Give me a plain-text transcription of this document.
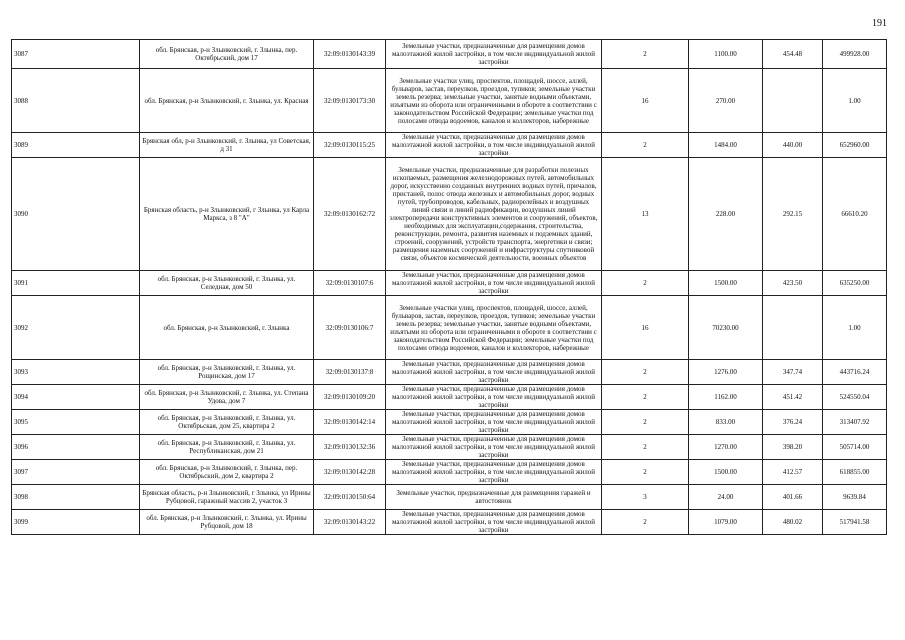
191
3087	обл. Брянская, р-н Злынковский, г. Злынка, пер. Октябрьский, дом 17	32:09:0130143:39	Земельные участки, предназначенные для размещения домов малоэтажной жилой застройки, в том числе индивидуальной жилой застройки	2	1100.00	454.48	499928.00
3088	обл. Брянская, р-н Злынковский, г. Злынка, ул. Красная	32:09:0130173:30	Земельные участки улиц, проспектов, площадей, шоссе, аллей, бульваров, застав, переулков, проездов, тупиков; земельные участки земель резерва; земельные участки, занятые водными объектами, изъятыми из оборота или ограниченными в обороте в соответствии с законодательством Российской Федерации; земельные участки под полосами отвода водоемов, каналов и коллекторов, набережные	16	270.00		1.00
3089	Брянская обл, р-н Злынковский, г. Злынка, ул Советская, д 31	32:09:0130115:25	Земельные участки, предназначенные для размещения домов малоэтажной жилой застройки, в том числе индивидуальной жилой застройки	2	1484.00	440.00	652960.00
3090	Брянская область, р-н Злынковский, г Злынка, ул Карла Маркса, з 8 "А"	32:09:0130162:72	Земельные участки, предназначенные для разработки полезных ископаемых, размещения железнодорожных путей, автомобильных дорог, искусственно созданных внутренних водных путей, причалов, пристаней, полос отвода железных и автомобильных дорог, водных путей, трубопроводов, кабельных, радиорелейных и воздушных линий связи и линий радиофикации, воздушных линий электропередачи конструктивных элементов и сооружений, объектов, необходимых для эксплуатации,содержания, строительства, реконструкции, ремонта, развития наземных и подземных зданий, строений, сооружений, устройств транспорта, энергетики и связи; размещения наземных сооружений и инфраструктуры спутниковой связи, объектов космической деятельности, военных объектов	13	228.00	292.15	66610.20
3091	обл. Брянская, р-н Злынковский, г. Злынка, ул. Селедная, дом 50	32:09:0130107:6	Земельные участки, предназначенные для размещения домов малоэтажной жилой застройки, в том числе индивидуальной жилой застройки	2	1500.00	423.50	635250.00
3092	обл. Брянская, р-н Злынковский, г. Злынка	32:09:0130106:7	Земельные участки улиц, проспектов, площадей, шоссе, аллей, бульваров, застав, переулков, проездов, тупиков; земельные участки земель резерва; земельные участки, занятые водными объектами, изъятыми из оборота или ограниченными в обороте в соответствии с законодательством Российской Федерации; земельные участки под полосами отвода водоемов, каналов и коллекторов, набережные	16	70230.00		1.00
3093	обл. Брянская, р-н Злынковский, г. Злынка, ул. Рощинская, дом 17	32:09:0130137:8	Земельные участки, предназначенные для размещения домов малоэтажной жилой застройки, в том числе индивидуальной жилой застройки	2	1276.00	347.74	443716.24
3094	обл. Брянская, р-н Злынковский, г. Злынка, ул. Степана Удова, дом 7	32:09:0130109:20	Земельные участки, предназначенные для размещения домов малоэтажной жилой застройки, в том числе индивидуальной жилой застройки	2	1162.00	451.42	524550.04
3095	обл. Брянская, р-н Злынковский, г. Злынка, ул. Октябрьская, дом 25, квартира 2	32:09:0130142:14	Земельные участки, предназначенные для размещения домов малоэтажной жилой застройки, в том числе индивидуальной жилой застройки	2	833.00	376.24	313407.92
3096	обл. Брянская, р-н Злынковский, г. Злынка, ул. Республиканская, дом 21	32:09:0130132:36	Земельные участки, предназначенные для размещения домов малоэтажной жилой застройки, в том числе индивидуальной жилой застройки	2	1270.00	398.20	505714.00
3097	обл. Брянская, р-н Злынковский, г. Злынка, пер. Октябрьский, дом 2, квартира 2	32:09:0130142:28	Земельные участки, предназначенные для размещения домов малоэтажной жилой застройки, в том числе индивидуальной жилой застройки	2	1500.00	412.57	618855.00
3098	Брянская область, р-н Злынковский, г Злынка, ул Ирины Рубцовой, гаражный массив 2, участок 3	32:09:0130150:64	Земельные участки, предназначенные для размещения гаражей и автостоянок	3	24.00	401.66	9639.84
3099	обл. Брянская, р-н Злынковский, г. Злынка, ул. Ирины Рубцовой, дом 18	32:09:0130143:22	Земельные участки, предназначенные для размещения домов малоэтажной жилой застройки, в том числе индивидуальной жилой застройки	2	1079.00	480.02	517941.58
